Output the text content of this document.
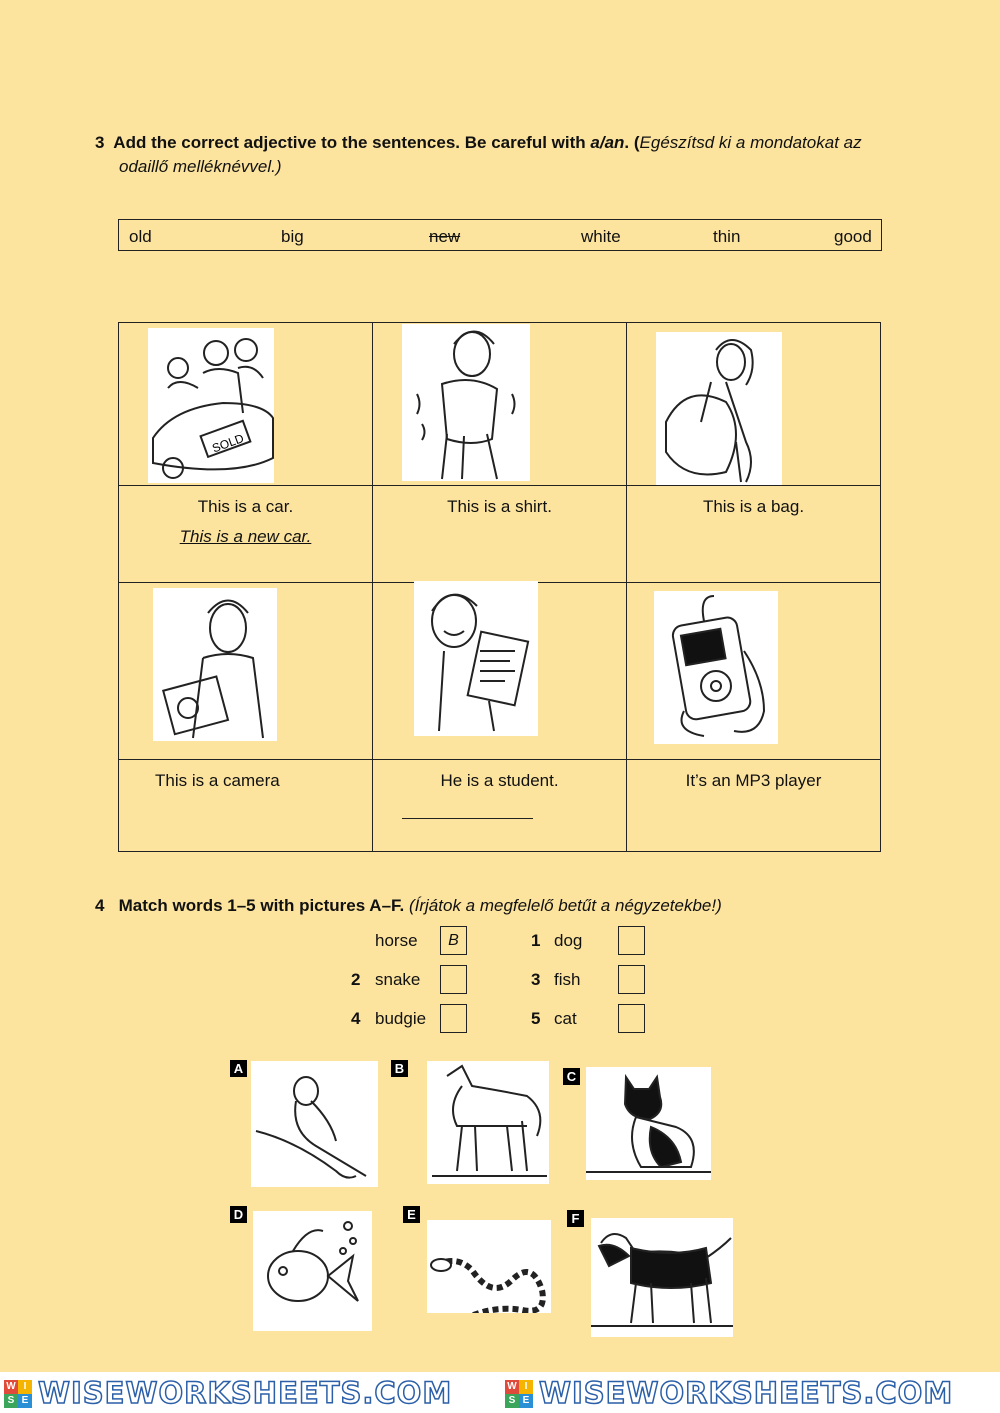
3 Add the correct adjective to the sentences. Be careful with a/an. (Egészítsd ki a mondatokat az
odaillő melléknévvel.)
old	big	new	white	thin	good
SOLD

This is a car.
This is a new car.	This is a shirt.	This is a bag.

This is a camera	He is a student.	It’s an MP3 player
4 Match words 1–5 with pictures A–F. (Írjátok a megfelelő betűt a négyzetekbe!)
horse	B	1 dog
2 snake	3 fish
4 budgie	5 cat
A	B
C
D	E	F
W I
S E WISEWORKSHEETS.COM	W I
S E WISEWORKSHEETS.COM
